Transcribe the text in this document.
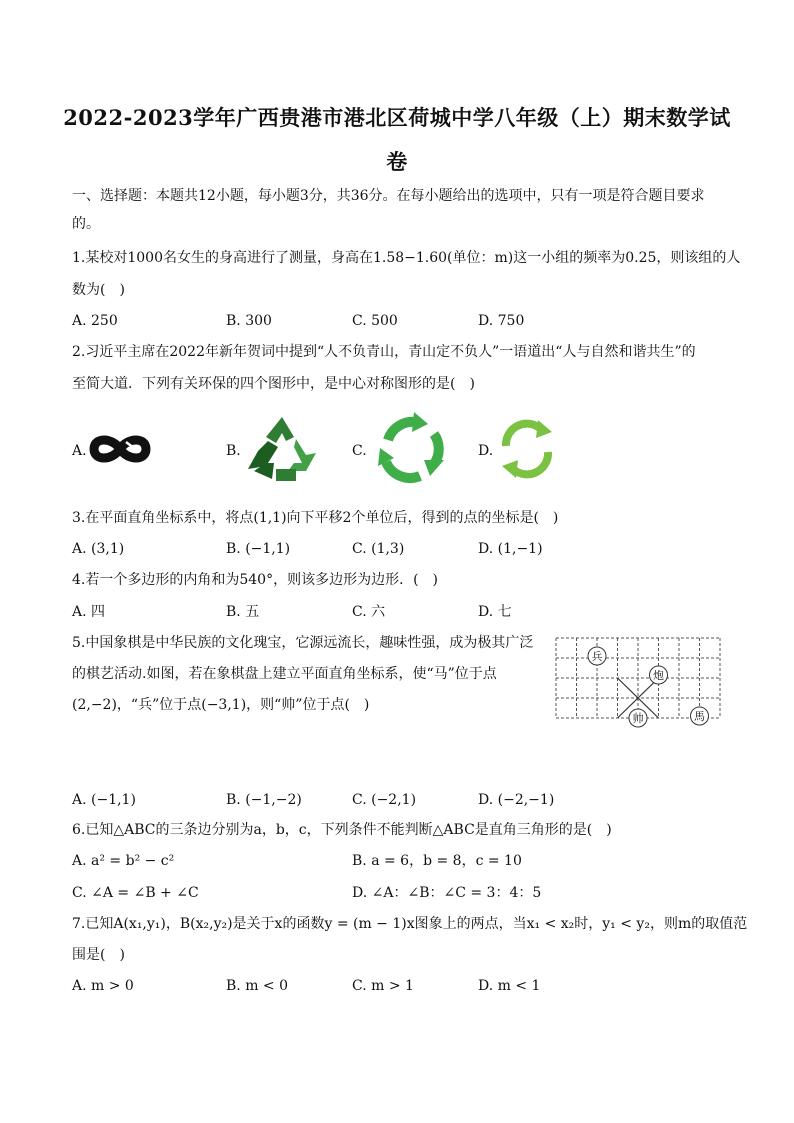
2022-2023学年广西贵港市港北区荷城中学八年级（上）期末数学试
卷
一、选择题：本题共12小题，每小题3分，共36分。在每小题给出的选项中，只有一项是符合题目要求
的。
1.某校对1000名女生的身高进行了测量，身高在1.58−1.60(单位：m)这一小组的频率为0.25，则该组的人
数为(　)
A. 250	B. 300	C. 500	D. 750
2.习近平主席在2022年新年贺词中提到“人不负青山，青山定不负人”一语道出“人与自然和谐共生”的
至简大道．下列有关环保的四个图形中，是中心对称图形的是(　)
A.	B.	C.	D.
3.在平面直角坐标系中，将点(1,1)向下平移2个单位后，得到的点的坐标是(　)
A. (3,1)	B. (−1,1)	C. (1,3)	D. (1,−1)
4.若一个多边形的内角和为540°，则该多边形为边形．(　)
A. 四	B. 五	C. 六	D. 七
5.中国象棋是中华民族的文化瑰宝，它源远流长，趣味性强，成为极其广泛
的棋艺活动.如图，若在象棋盘上建立平面直角坐标系，使“马”位于点
(2,−2)，“兵”位于点(−3,1)，则“帅”位于点(　)
兵
炮
帅	馬
A. (−1,1)	B. (−1,−2)	C. (−2,1)	D. (−2,−1)
6.已知△ABC的三条边分别为a，b，c，下列条件不能判断△ABC是直角三角形的是(　)
A. a² = b² − c²	B. a = 6，b = 8，c = 10
C. ∠A = ∠B + ∠C	D. ∠A：∠B：∠C = 3：4：5
7.已知A(x₁,y₁)，B(x₂,y₂)是关于x的函数y = (m − 1)x图象上的两点，当x₁ < x₂时，y₁ < y₂，则m的取值范
围是(　)
A. m > 0	B. m < 0	C. m > 1	D. m < 1
